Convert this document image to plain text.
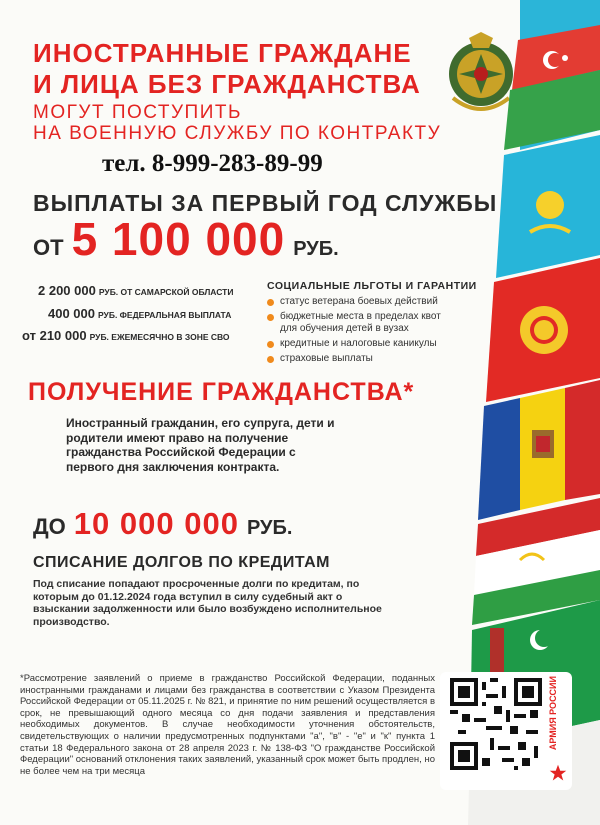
ИНОСТРАННЫЕ ГРАЖДАНЕ
И ЛИЦА БЕЗ ГРАЖДАНСТВА
МОГУТ ПОСТУПИТЬ
НА ВОЕННУЮ СЛУЖБУ ПО КОНТРАКТУ
тел. 8-999-283-89-99
ВЫПЛАТЫ ЗА ПЕРВЫЙ ГОД СЛУЖБЫ
ОТ 5 100 000 РУБ.
2 200 000 РУБ. ОТ САМАРСКОЙ ОБЛАСТИ
400 000 РУБ. ФЕДЕРАЛЬНАЯ ВЫПЛАТА
от 210 000 РУБ. ЕЖЕМЕСЯЧНО В ЗОНЕ СВО
СОЦИАЛЬНЫЕ ЛЬГОТЫ И ГАРАНТИИ
статус ветерана боевых действий
бюджетные места в пределах квот для обучения детей в вузах
кредитные и налоговые каникулы
страховые выплаты
ПОЛУЧЕНИЕ ГРАЖДАНСТВА*
Иностранный гражданин, его супруга, дети и родители имеют право на получение гражданства Российской Федерации с первого дня заключения контракта.
ДО 10 000 000 РУБ.
СПИСАНИЕ ДОЛГОВ ПО КРЕДИТАМ
Под списание попадают просроченные долги по кредитам, по которым до 01.12.2024 года вступил в силу судебный акт о взыскании задолженности или было возбуждено исполнительное производство.
*Рассмотрение заявлений о приеме в гражданство Российской Федерации, поданных иностранными гражданами и лицами без гражданства в соответствии с Указом Президента Российской Федерации от 05.11.2025 г. № 821, и принятие по ним решений осуществляется в срок, не превышающий одного месяца со дня подачи заявления и представления необходимых документов. В случае необходимости уточнения обстоятельств, свидетельствующих о наличии предусмотренных подпунктами "а", "в" - "е" и "к" пункта 1 статьи 18 Федерального закона от 28 апреля 2023 г. № 138-ФЗ "О гражданстве Российской Федерации" оснований отклонения таких заявлений, указанный срок может быть продлен, но не более чем на три месяца
АРМИЯ РОССИИ
